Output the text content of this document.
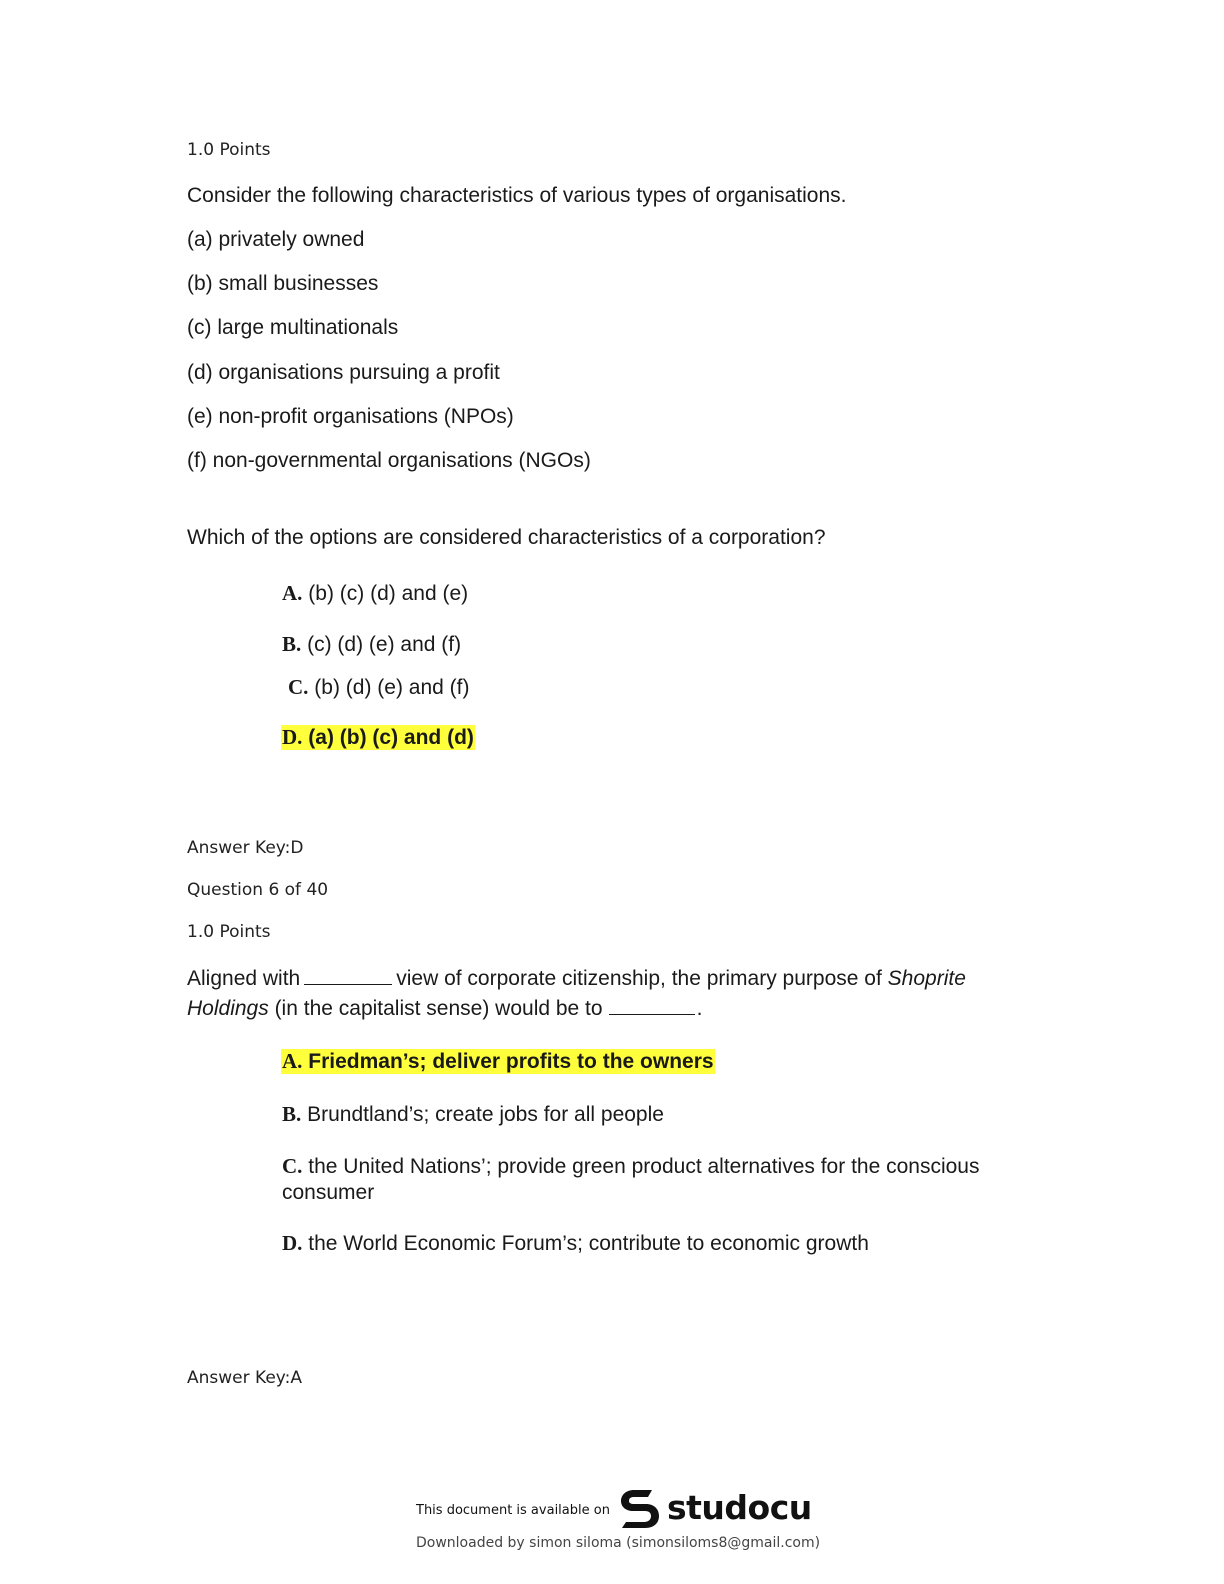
1.0 Points
Consider the following characteristics of various types of organisations.
(a) privately owned
(b) small businesses
(c) large multinationals
(d) organisations pursuing a profit
(e) non-profit organisations (NPOs)
(f) non-governmental organisations (NGOs)
Which of the options are considered characteristics of a corporation?
A. (b) (c) (d) and (e)
B. (c) (d) (e) and (f)
C. (b) (d) (e) and (f)
D. (a) (b) (c) and (d)
Answer Key:D
Question 6 of 40
1.0 Points
Aligned with	view of corporate citizenship, the primary purpose of Shoprite
Holdings (in the capitalist sense) would be to	.
A. Friedman’s; deliver profits to the owners
B. Brundtland’s; create jobs for all people
C. the United Nations’; provide green product alternatives for the conscious consumer
D. the World Economic Forum’s; contribute to economic growth
Answer Key:A
This document is available on studocu
Downloaded by simon siloma (simonsiloms8@gmail.com)
